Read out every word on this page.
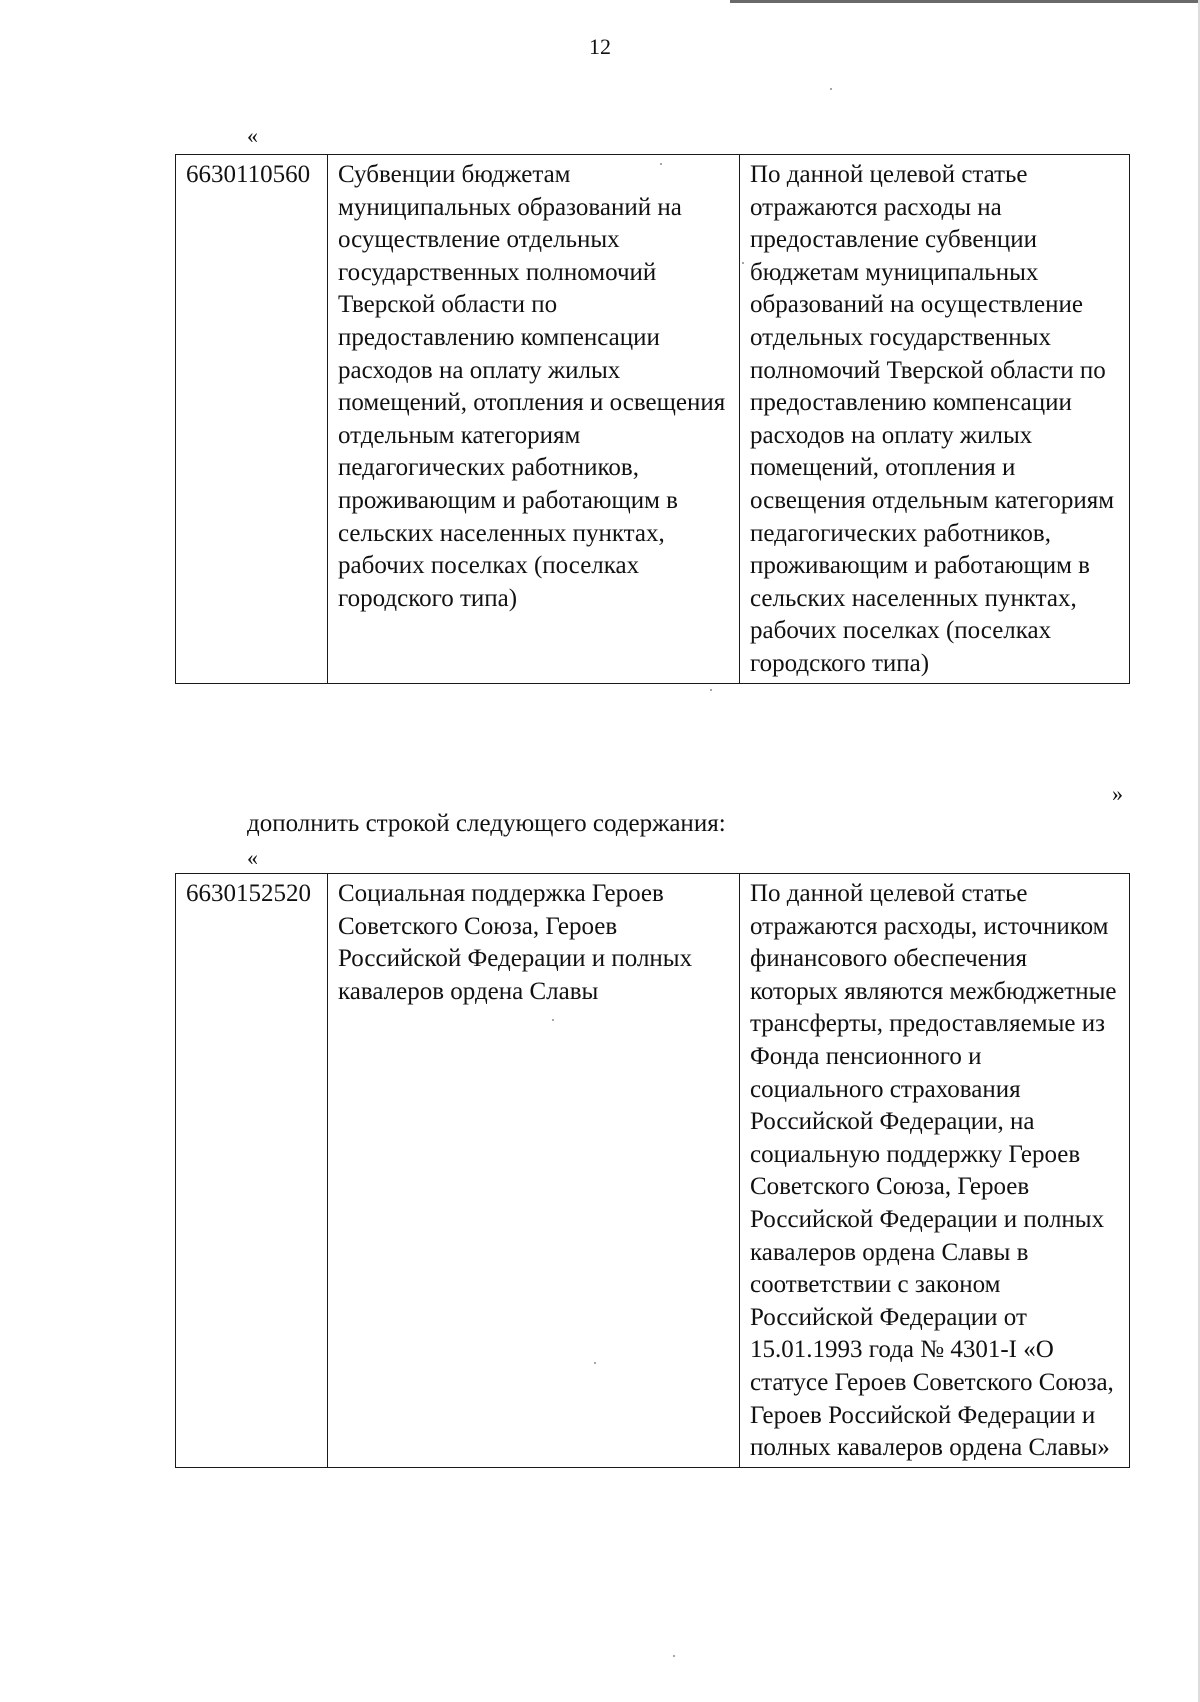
12
«
6630110560	Субвенции бюджетам муниципальных образований на осуществление отдельных государственных полномочий Тверской области по предоставлению компенсации расходов на оплату жилых помещений, отопления и освещения отдельным категориям педагогических работников, проживающим и работающим в сельских населенных пунктах, рабочих поселках (поселках городского типа)	По данной целевой статье отражаются расходы на предоставление субвенции бюджетам муниципальных образований на осуществление отдельных государственных полномочий Тверской области по предоставлению компенсации расходов на оплату жилых помещений, отопления и освещения отдельным категориям педагогических работников, проживающим и работающим в сельских населенных пунктах, рабочих поселках (поселках городского типа)
»
дополнить строкой следующего содержания:
«
6630152520	Социальная поддержка Героев Советского Союза, Героев Российской Федерации и полных кавалеров ордена Славы	По данной целевой статье отражаются расходы, источником финансового обеспечения которых являются межбюджетные трансферты, предоставляемые из Фонда пенсионного и социального страхования Российской Федерации, на социальную поддержку Героев Советского Союза, Героев Российской Федерации и полных кавалеров ордена Славы в соответствии с законом Российской Федерации от 15.01.1993 года № 4301-I «О статусе Героев Советского Союза, Героев Российской Федерации и полных кавалеров ордена Славы»
